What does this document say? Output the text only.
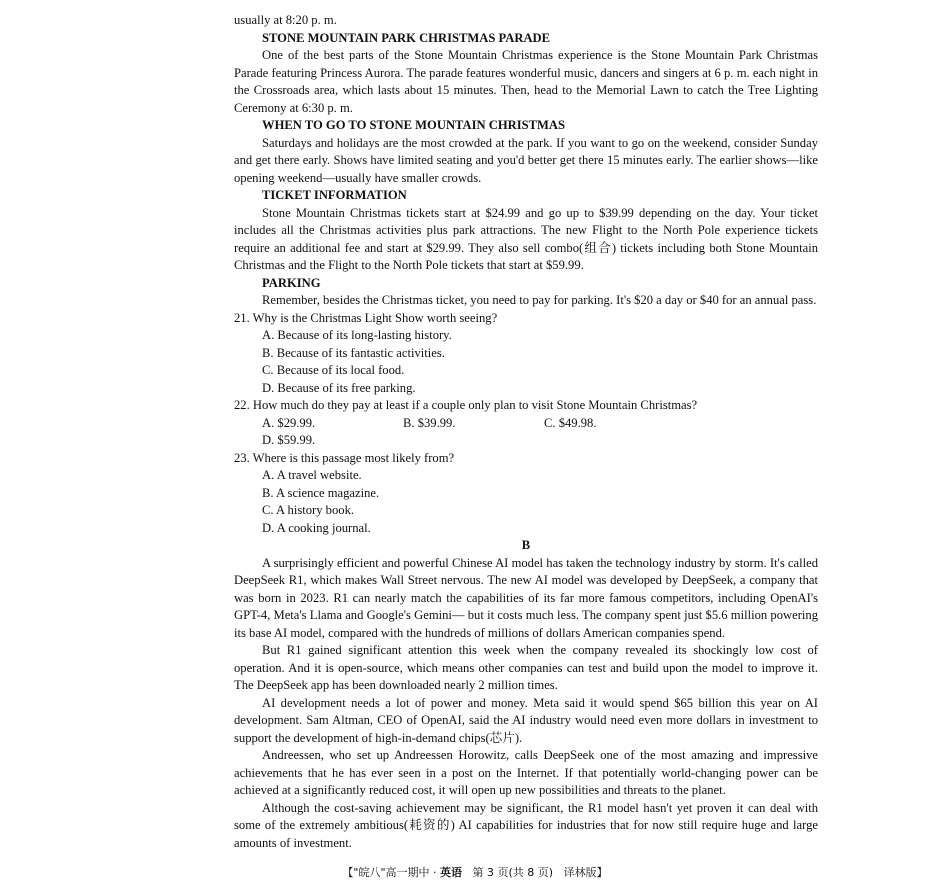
usually at 8:20 p. m.

STONE MOUNTAIN PARK CHRISTMAS PARADE

One of the best parts of the Stone Mountain Christmas experience is the Stone Mountain Park Christmas Parade featuring Princess Aurora. The parade features wonderful music, dancers and singers at 6 p. m. each night in the Crossroads area, which lasts about 15 minutes. Then, head to the Memorial Lawn to catch the Tree Lighting Ceremony at 6:30 p. m.

WHEN TO GO TO STONE MOUNTAIN CHRISTMAS

Saturdays and holidays are the most crowded at the park. If you want to go on the weekend, consider Sunday and get there early. Shows have limited seating and you'd better get there 15 minutes early. The earlier shows—like opening weekend—usually have smaller crowds.

TICKET INFORMATION

Stone Mountain Christmas tickets start at $24.99 and go up to $39.99 depending on the day. Your ticket includes all the Christmas activities plus park attractions. The new Flight to the North Pole experience tickets require an additional fee and start at $29.99. They also sell combo(组合) tickets including both Stone Mountain Christmas and the Flight to the North Pole tickets that start at $59.99.

PARKING

Remember, besides the Christmas ticket, you need to pay for parking. It's $20 a day or $40 for an annual pass.

21. Why is the Christmas Light Show worth seeing?

A. Because of its long-lasting history.
B. Because of its fantastic activities.
C. Because of its local food.
D. Because of its free parking.

22. How much do they pay at least if a couple only plan to visit Stone Mountain Christmas?

A. $29.99.	B. $39.99.	C. $49.98.
D. $59.99.

23. Where is this passage most likely from?

A. A travel website.
B. A science magazine.
C. A history book.
D. A cooking journal.

B

A surprisingly efficient and powerful Chinese AI model has taken the technology industry by storm. It's called DeepSeek R1, which makes Wall Street nervous. The new AI model was developed by DeepSeek, a company that was born in 2023. R1 can nearly match the capabilities of its far more famous competitors, including OpenAI's GPT-4, Meta's Llama and Google's Gemini— but it costs much less. The company spent just $5.6 million powering its base AI model, compared with the hundreds of millions of dollars American companies spend.

But R1 gained significant attention this week when the company revealed its shockingly low cost of operation. And it is open-source, which means other companies can test and build upon the model to improve it. The DeepSeek app has been downloaded nearly 2 million times.

AI development needs a lot of power and money. Meta said it would spend $65 billion this year on AI development. Sam Altman, CEO of OpenAI, said the AI industry would need even more dollars in investment to support the development of high-in-demand chips(芯片).

Andreessen, who set up Andreessen Horowitz, calls DeepSeek one of the most amazing and impressive achievements that he has ever seen in a post on the Internet. If that potentially world-changing power can be achieved at a significantly reduced cost, it will open up new possibilities and threats to the planet.

Although the cost-saving achievement may be significant, the R1 model hasn't yet proven it can deal with some of the extremely ambitious(耗资的) AI capabilities for industries that for now still require huge and large amounts of investment.

【"皖八"高一期中 · 英语 第 3 页(共 8 页) 译林版】
